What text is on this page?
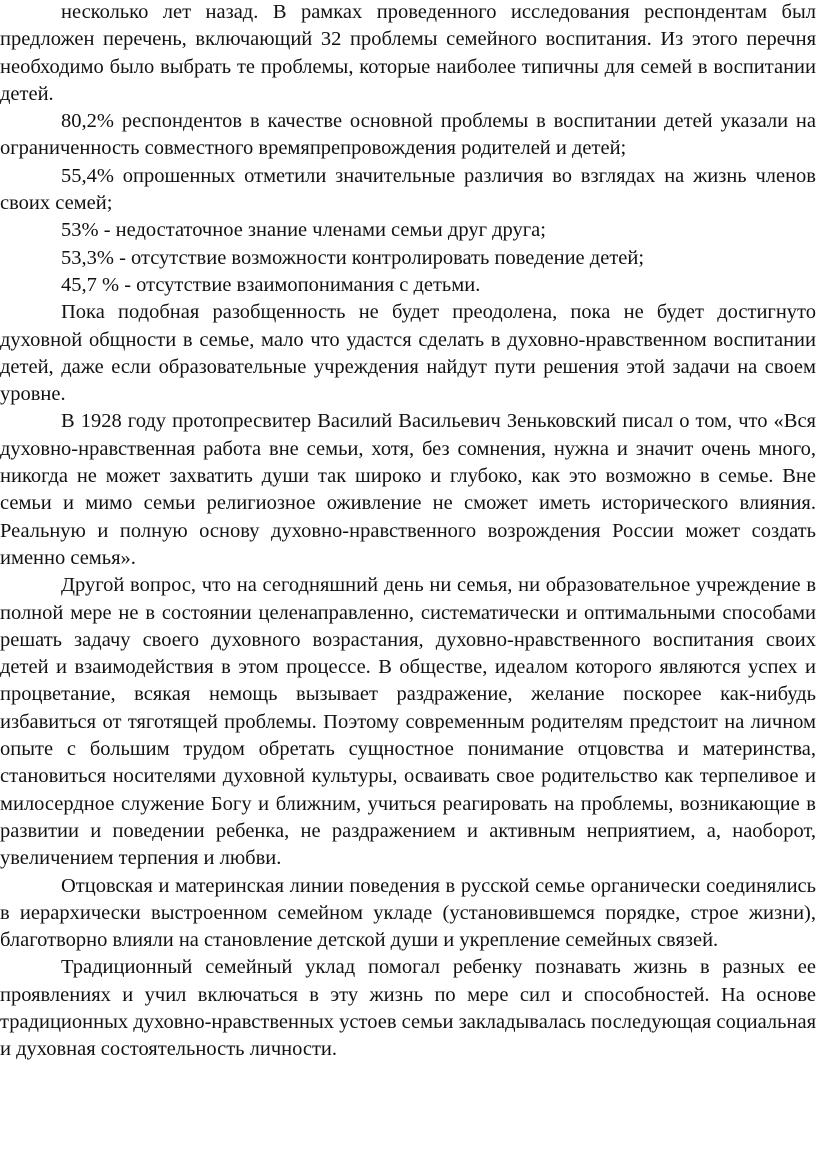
несколько лет назад. В рамках проведенного исследования респондентам был предложен перечень, включающий 32 проблемы семейного воспитания. Из этого перечня необходимо было выбрать те проблемы, которые наиболее типичны для семей в воспитании детей.

80,2% респондентов в качестве основной проблемы в воспитании детей указали на ограниченность совместного времяпрепровождения родителей и детей;

55,4% опрошенных отметили значительные различия во взглядах на жизнь членов своих семей;

53% - недостаточное знание членами семьи друг друга;

53,3% - отсутствие возможности контролировать поведение детей;

45,7 % - отсутствие взаимопонимания с детьми.

Пока подобная разобщенность не будет преодолена, пока не будет достигнуто духовной общности в семье, мало что удастся сделать в духовно-нравственном воспитании детей, даже если образовательные учреждения найдут пути решения этой задачи на своем уровне.

В 1928 году протопресвитер Василий Васильевич Зеньковский писал о том, что «Вся духовно-нравственная работа вне семьи, хотя, без сомнения, нужна и значит очень много, никогда не может захватить души так широко и глубоко, как это возможно в семье. Вне семьи и мимо семьи религиозное оживление не сможет иметь исторического влияния. Реальную и полную основу духовно-нравственного возрождения России может создать именно семья».

Другой вопрос, что на сегодняшний день ни семья, ни образовательное учреждение в полной мере не в состоянии целенаправленно, систематически и оптимальными способами решать задачу своего духовного возрастания, духовно-нравственного воспитания своих детей и взаимодействия в этом процессе. В обществе, идеалом которого являются успех и процветание, всякая немощь вызывает раздражение, желание поскорее как-нибудь избавиться от тяготящей проблемы. Поэтому современным родителям предстоит на личном опыте с большим трудом обретать сущностное понимание отцовства и материнства, становиться носителями духовной культуры, осваивать свое родительство как терпеливое и милосердное служение Богу и ближним, учиться реагировать на проблемы, возникающие в развитии и поведении ребенка, не раздражением и активным неприятием, а, наоборот, увеличением терпения и любви.

Отцовская и материнская линии поведения в русской семье органически соединялись в иерархически выстроенном семейном укладе (установившемся порядке, строе жизни), благотворно влияли на становление детской души и укрепление семейных связей.

Традиционный семейный уклад помогал ребенку познавать жизнь в разных ее проявлениях и учил включаться в эту жизнь по мере сил и способностей. На основе традиционных духовно-нравственных устоев семьи закладывалась последующая социальная и духовная состоятельность личности.
